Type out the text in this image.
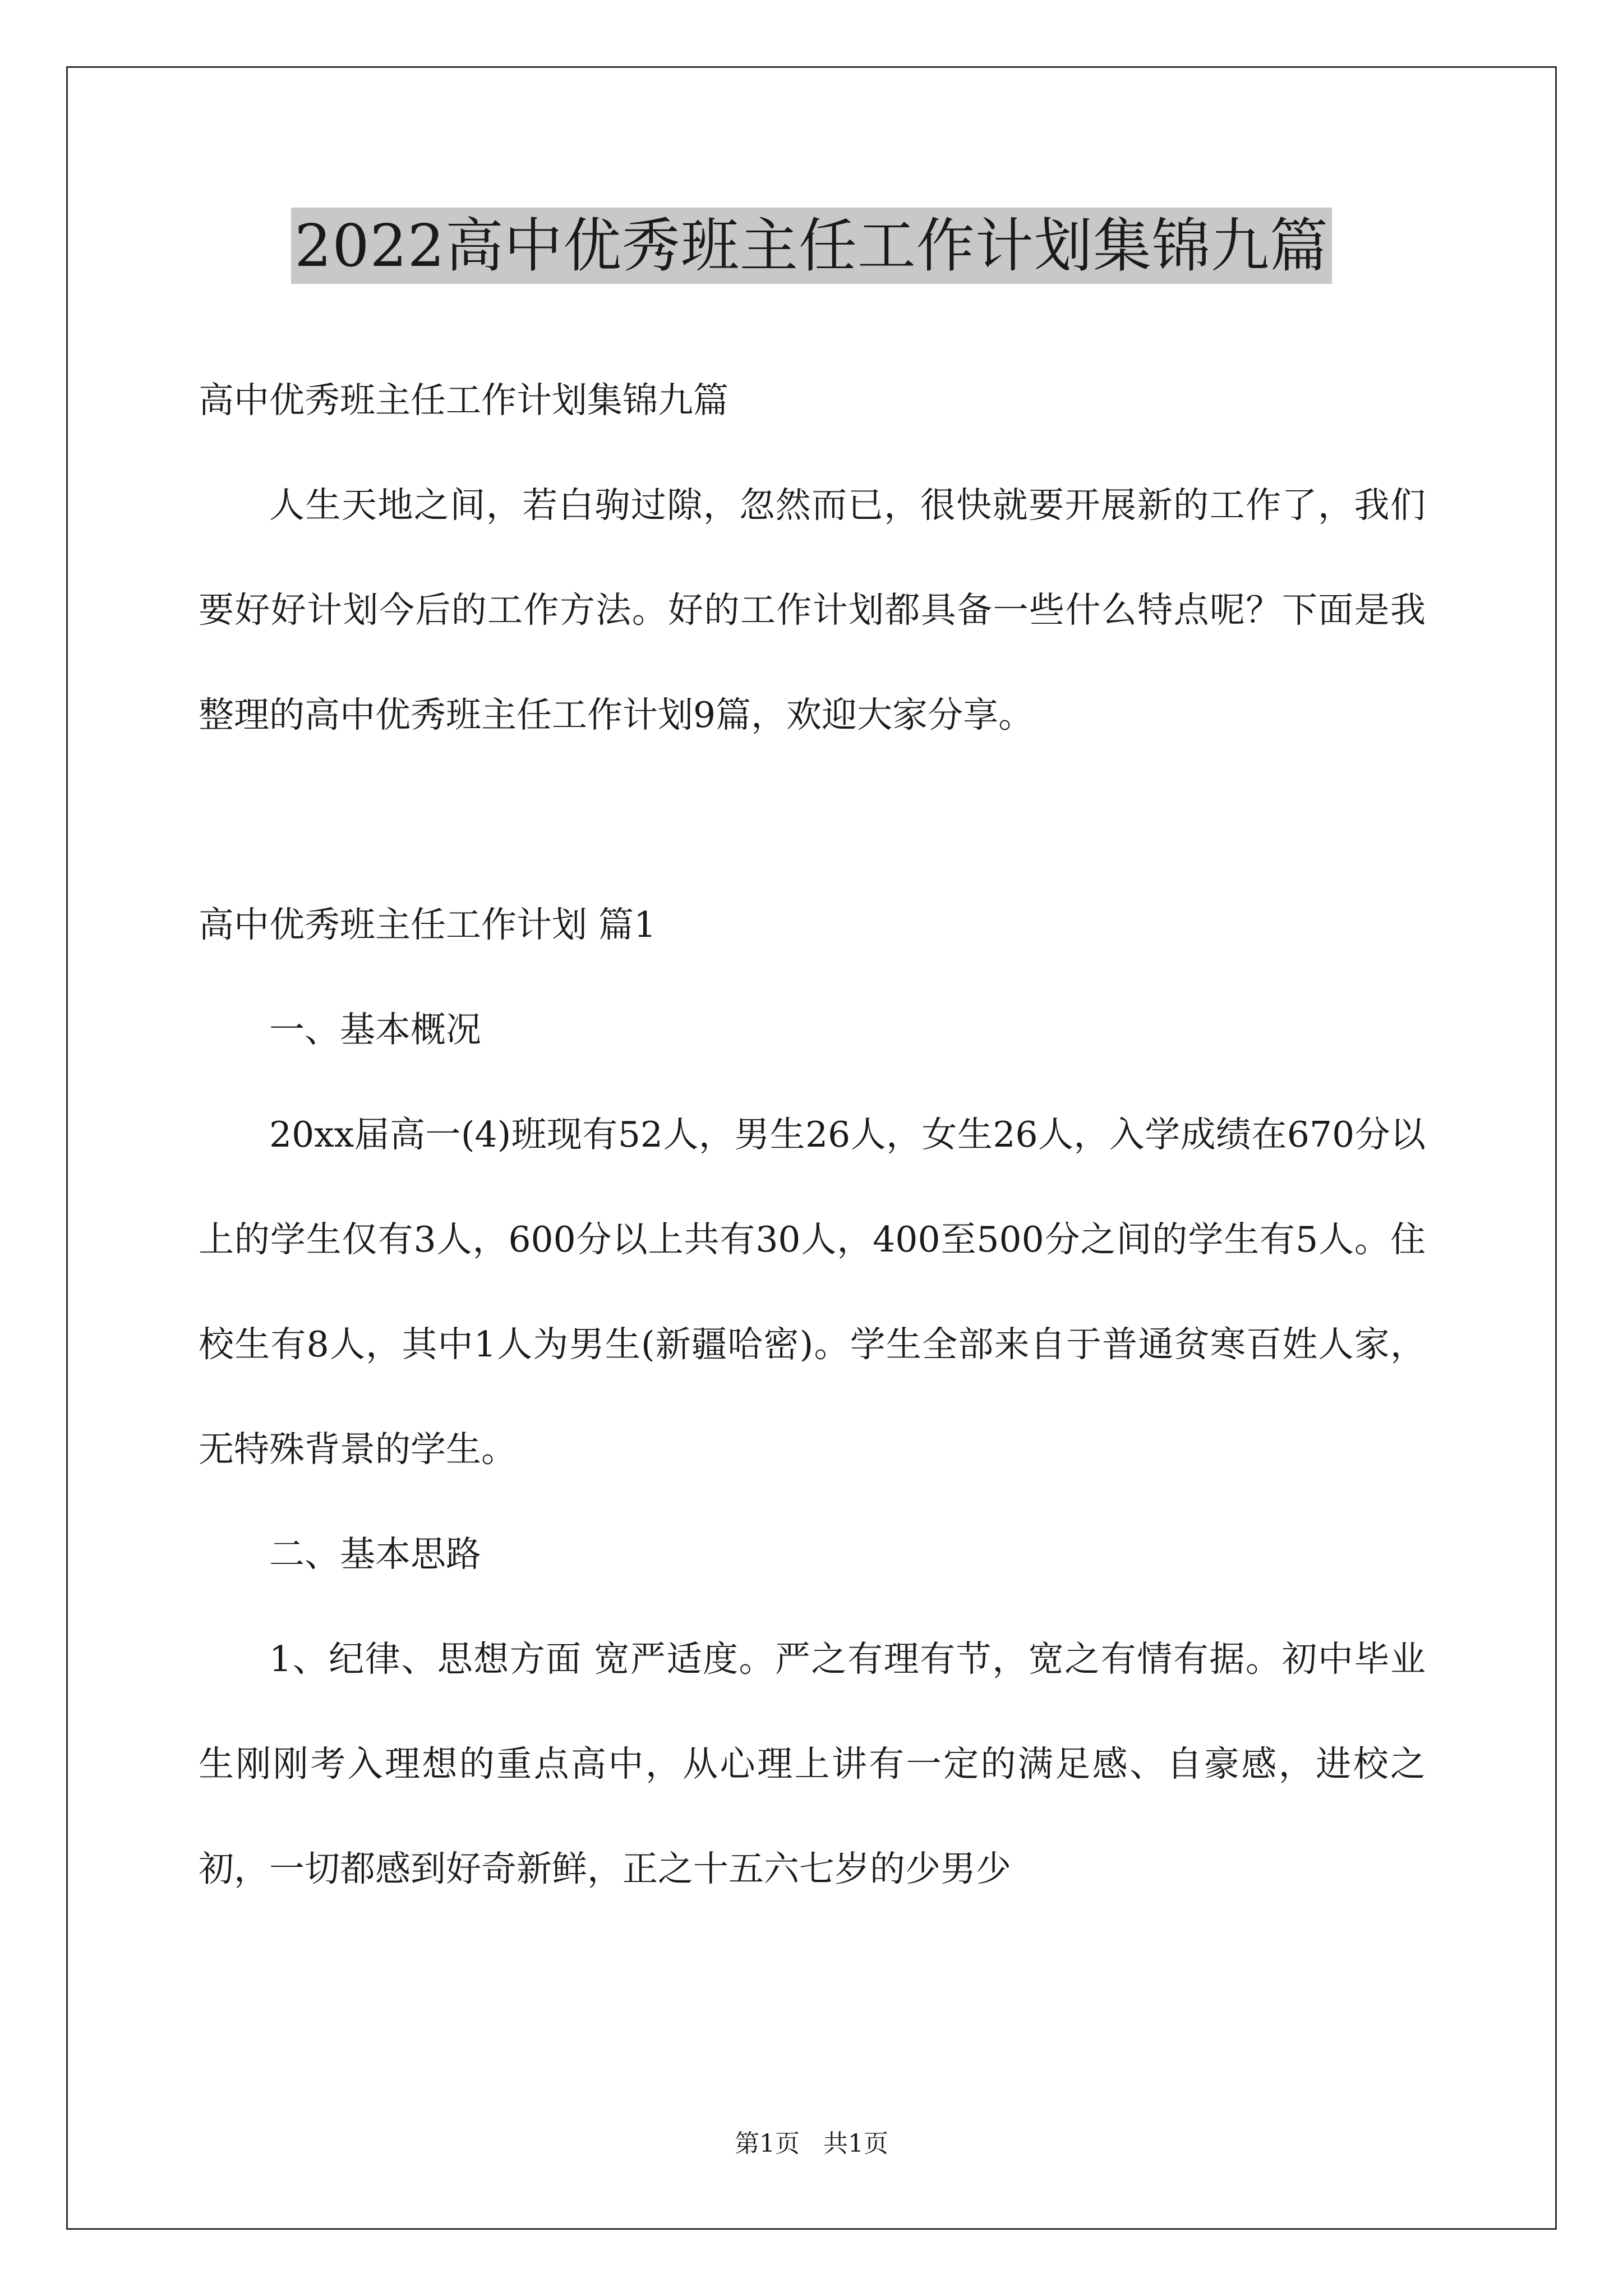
2022高中优秀班主任工作计划集锦九篇

高中优秀班主任工作计划集锦九篇

人生天地之间，若白驹过隙，忽然而已，很快就要开展新的工作了，我们要好好计划今后的工作方法。好的工作计划都具备一些什么特点呢？下面是我整理的高中优秀班主任工作计划9篇，欢迎大家分享。

高中优秀班主任工作计划 篇1

一、基本概况

20xx届高一(4)班现有52人，男生26人，女生26人，入学成绩在670分以上的学生仅有3人，600分以上共有30人，400至500分之间的学生有5人。住校生有8人，其中1人为男生(新疆哈密)。学生全部来自于普通贫寒百姓人家，无特殊背景的学生。

二、基本思路

1、纪律、思想方面 宽严适度。严之有理有节，宽之有情有据。初中毕业生刚刚考入理想的重点高中，从心理上讲有一定的满足感、自豪感，进校之初，一切都感到好奇新鲜，正之十五六七岁的少男少

第1页 共1页
